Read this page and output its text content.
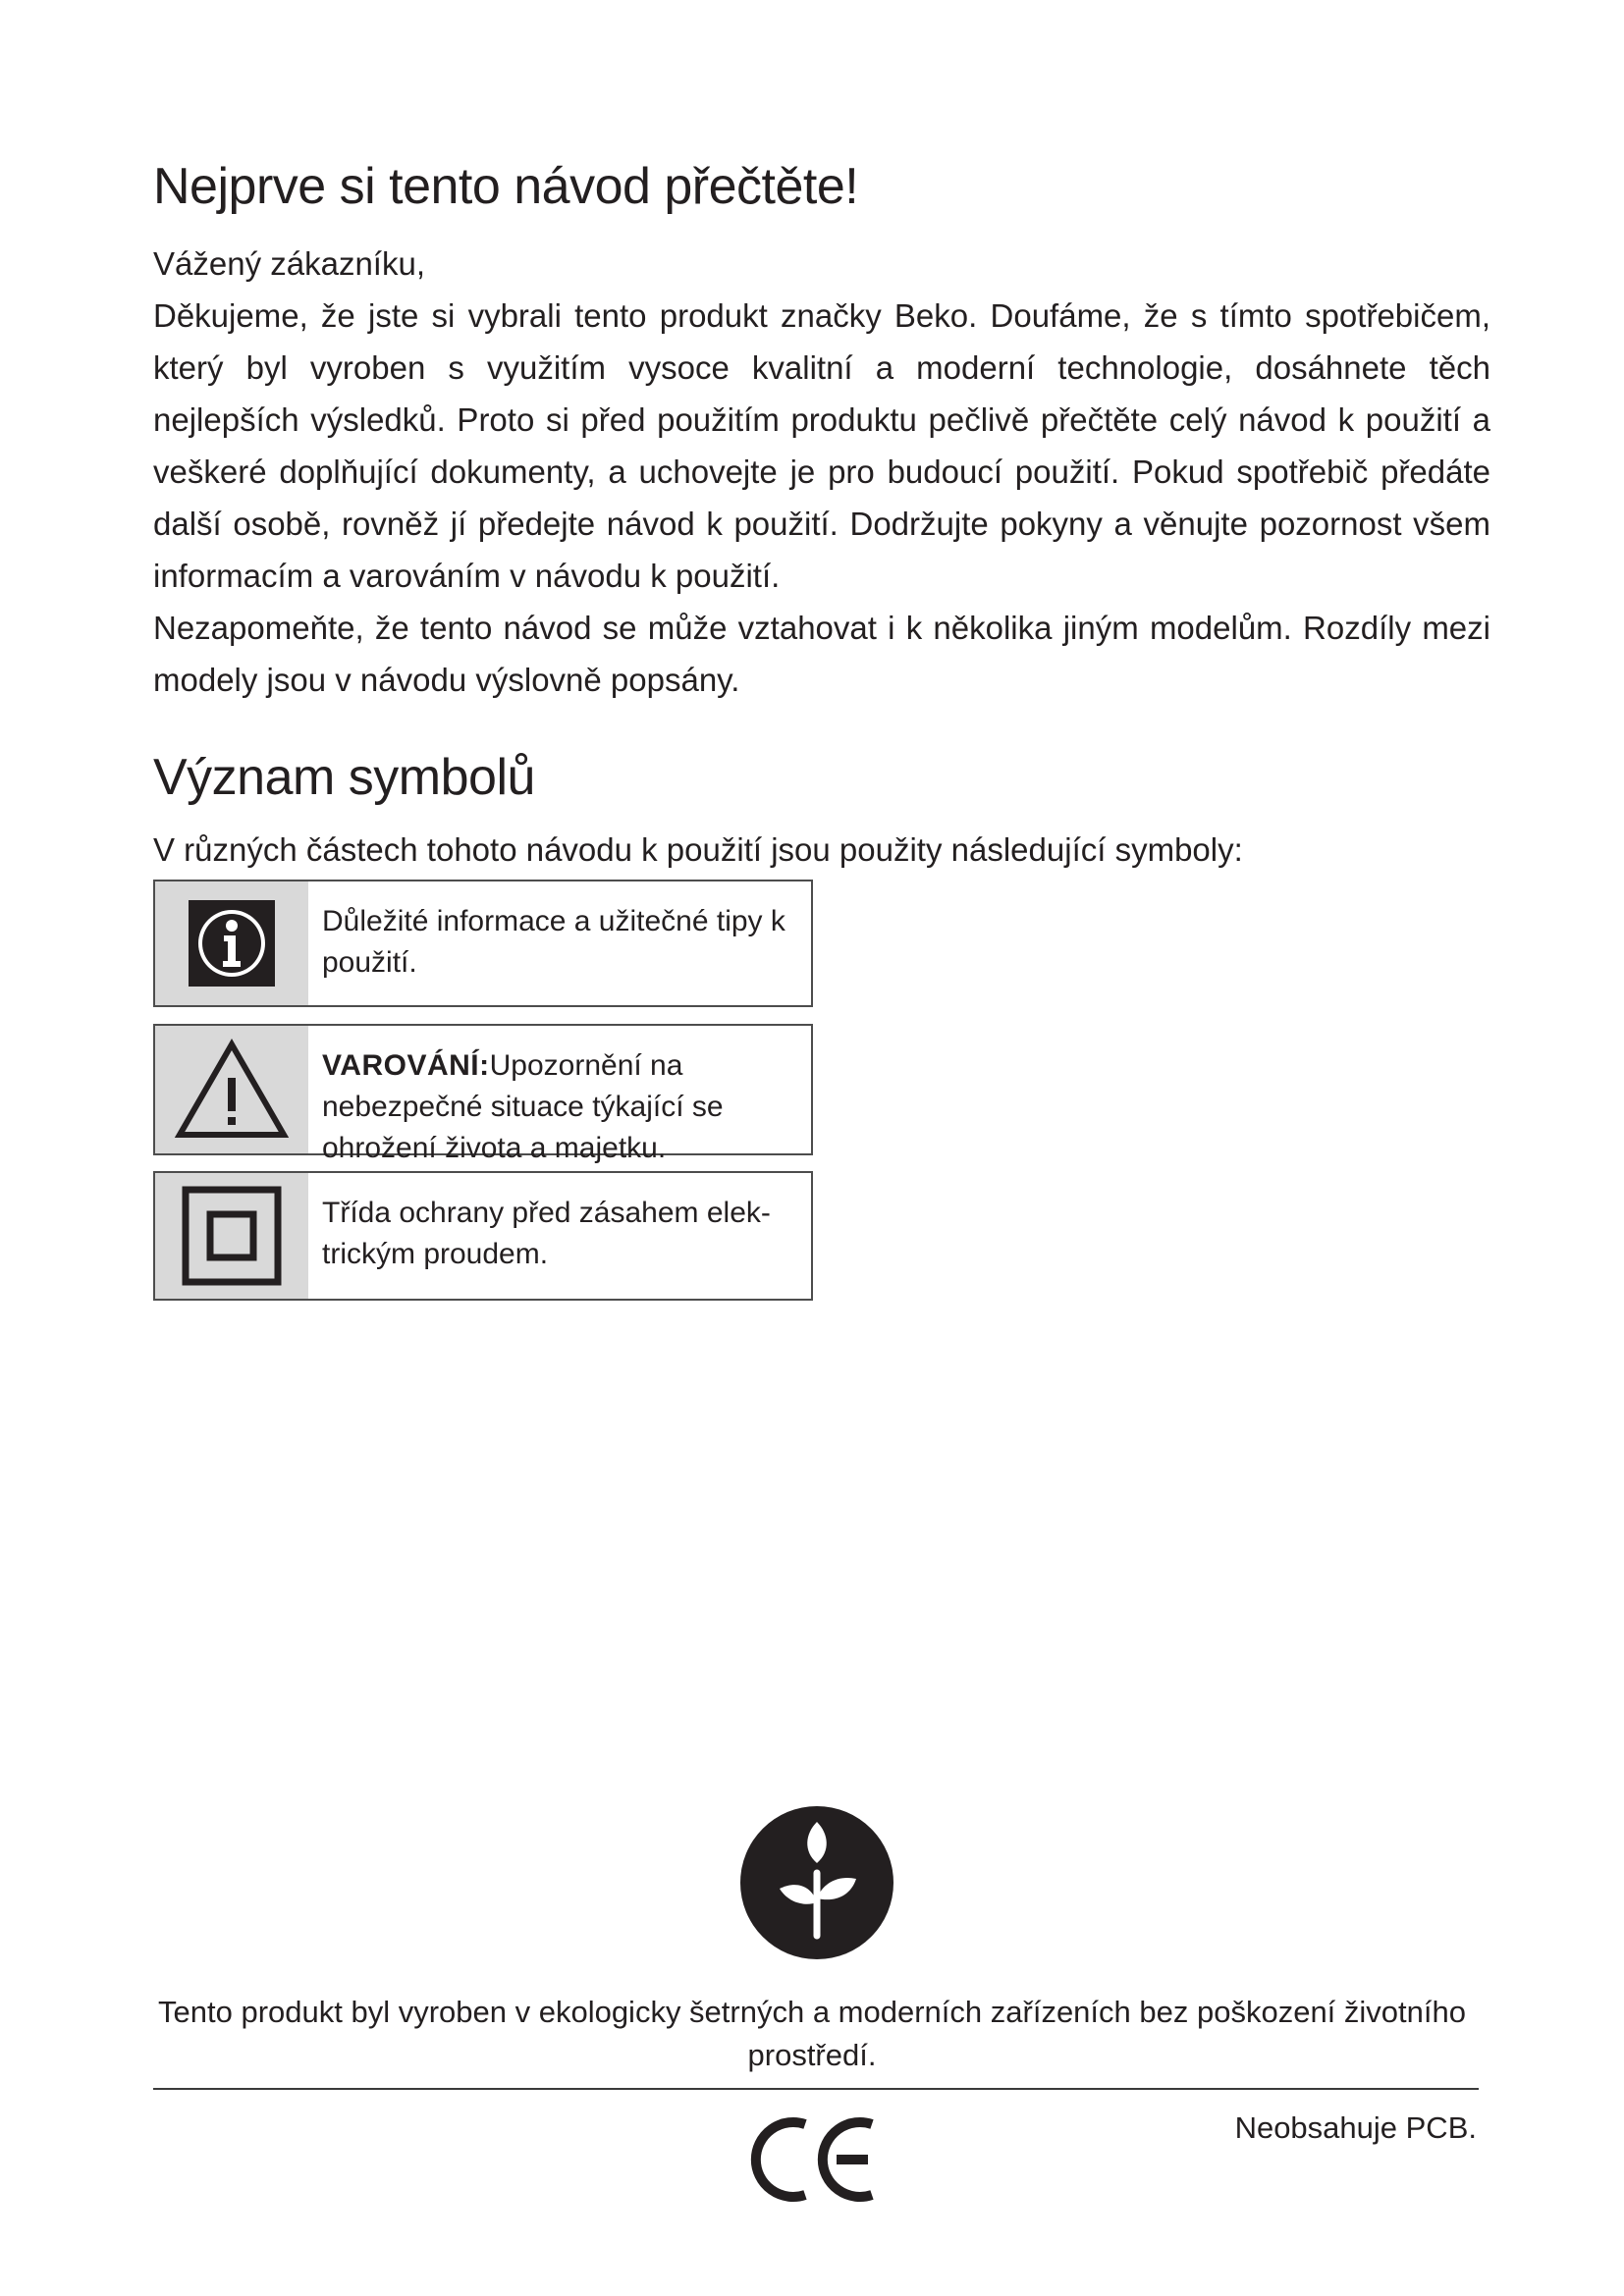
Nejprve si tento návod přečtěte!

Vážený zákazníku,

Děkujeme, že jste si vybrali tento produkt značky Beko. Doufáme, že s tímto spotřebičem, který byl vyroben s využitím vysoce kvalitní a moderní technologie, dosáhnete těch nejlepších výsledků. Proto si před použitím produktu pečlivě přečtěte celý návod k použití a veškeré doplňující dokumenty, a uchovejte je pro budoucí použití. Pokud spotřebič předáte další osobě, rovněž jí předejte návod k použití. Dodržujte pokyny a věnujte pozornost všem informacím a varováním v návodu k použití.

Nezapomeňte, že tento návod se může vztahovat i k několika jiným modelům. Rozdíly mezi modely jsou v návodu výslovně popsány.

Význam symbolů

V různých částech tohoto návodu k použití jsou použity následující symboly:

Důležité informace a užitečné tipy k použití.
VAROVÁNÍ:Upozornění na nebezpečné situace týkající se ohrožení života a majetku.
Třída ochrany před zásahem elek-trickým proudem.

Tento produkt byl vyroben v ekologicky šetrných a moderních zařízeních bez poškození životního prostředí.

Neobsahuje PCB.
